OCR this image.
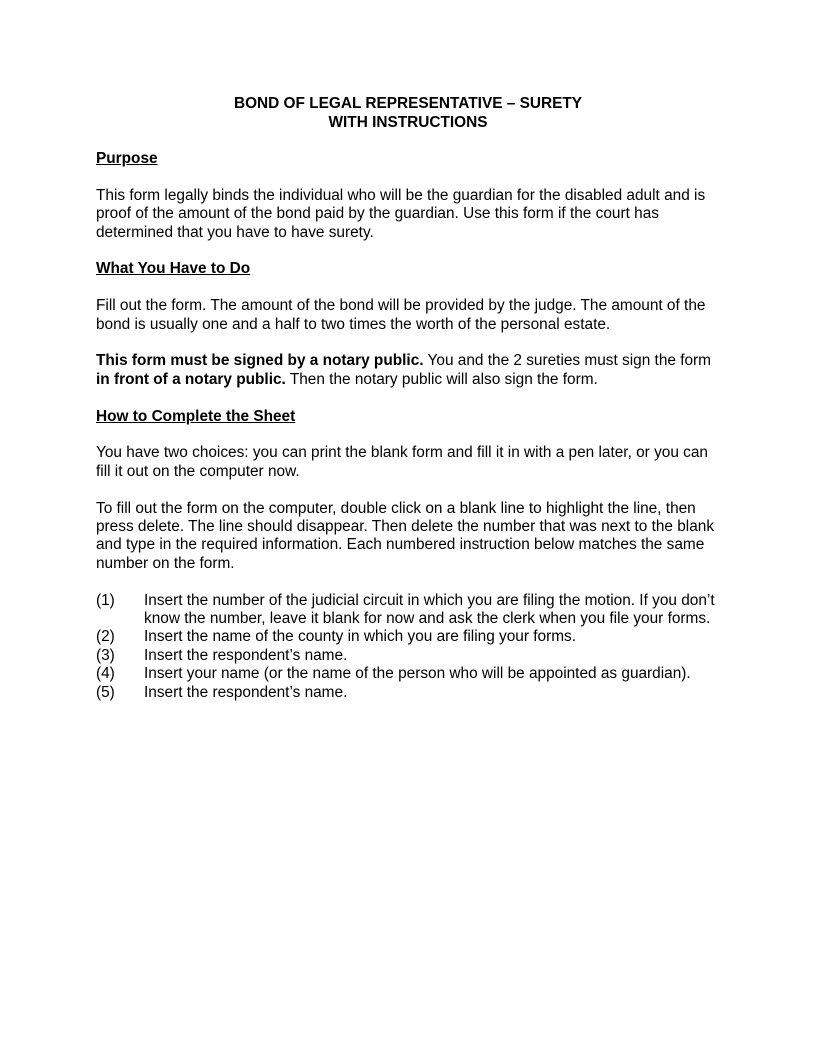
BOND OF LEGAL REPRESENTATIVE – SURETY

WITH INSTRUCTIONS

Purpose

This form legally binds the individual who will be the guardian for the disabled adult and is proof of the amount of the bond paid by the guardian. Use this form if the court has determined that you have to have surety.

What You Have to Do

Fill out the form. The amount of the bond will be provided by the judge. The amount of the bond is usually one and a half to two times the worth of the personal estate.

This form must be signed by a notary public. You and the 2 sureties must sign the form in front of a notary public. Then the notary public will also sign the form.

How to Complete the Sheet

You have two choices: you can print the blank form and fill it in with a pen later, or you can fill it out on the computer now.

To fill out the form on the computer, double click on a blank line to highlight the line, then press delete. The line should disappear. Then delete the number that was next to the blank and type in the required information. Each numbered instruction below matches the same number on the form.

(1)	Insert the number of the judicial circuit in which you are filing the motion. If you don’t know the number, leave it blank for now and ask the clerk when you file your forms.
(2)	Insert the name of the county in which you are filing your forms.
(3)	Insert the respondent’s name.
(4)	Insert your name (or the name of the person who will be appointed as guardian).
(5)	Insert the respondent’s name.
